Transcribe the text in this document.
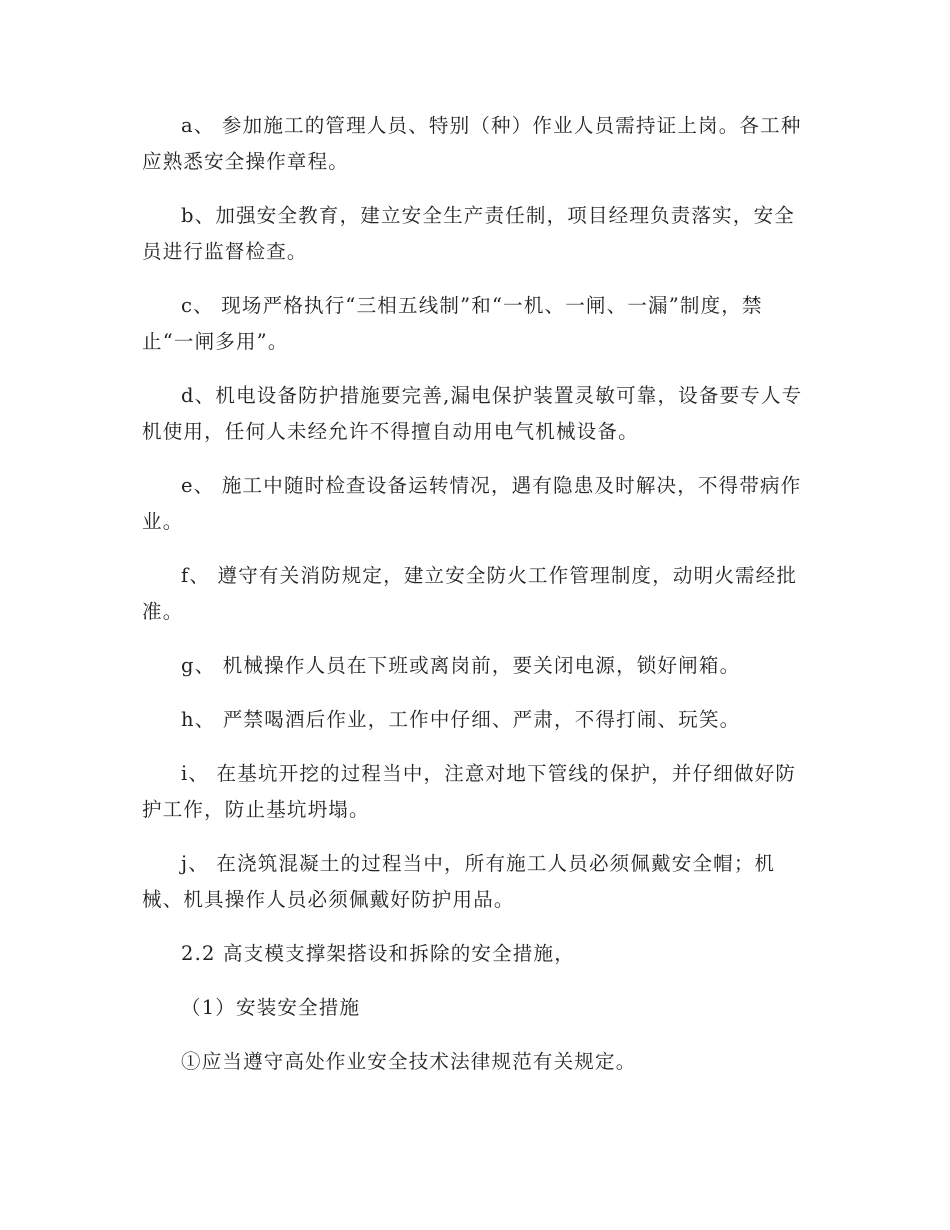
a、 参加施工的管理人员、特别（种）作业人员需持证上岗。各工种应熟悉安全操作章程。

b、加强安全教育，建立安全生产责任制，项目经理负责落实，安全员进行监督检查。

c、 现场严格执行“三相五线制”和“一机、一闸、一漏”制度，禁止“一闸多用”。

d、机电设备防护措施要完善,漏电保护装置灵敏可靠，设备要专人专机使用，任何人未经允许不得擅自动用电气机械设备。

e、 施工中随时检查设备运转情况，遇有隐患及时解决，不得带病作业。

f、 遵守有关消防规定，建立安全防火工作管理制度，动明火需经批准。

g、 机械操作人员在下班或离岗前，要关闭电源，锁好闸箱。

h、 严禁喝酒后作业，工作中仔细、严肃，不得打闹、玩笑。

i、 在基坑开挖的过程当中，注意对地下管线的保护，并仔细做好防护工作，防止基坑坍塌。

j、 在浇筑混凝土的过程当中，所有施工人员必须佩戴安全帽；机械、机具操作人员必须佩戴好防护用品。

2.2 高支模支撑架搭设和拆除的安全措施，

（1）安装安全措施

①应当遵守高处作业安全技术法律规范有关规定。
